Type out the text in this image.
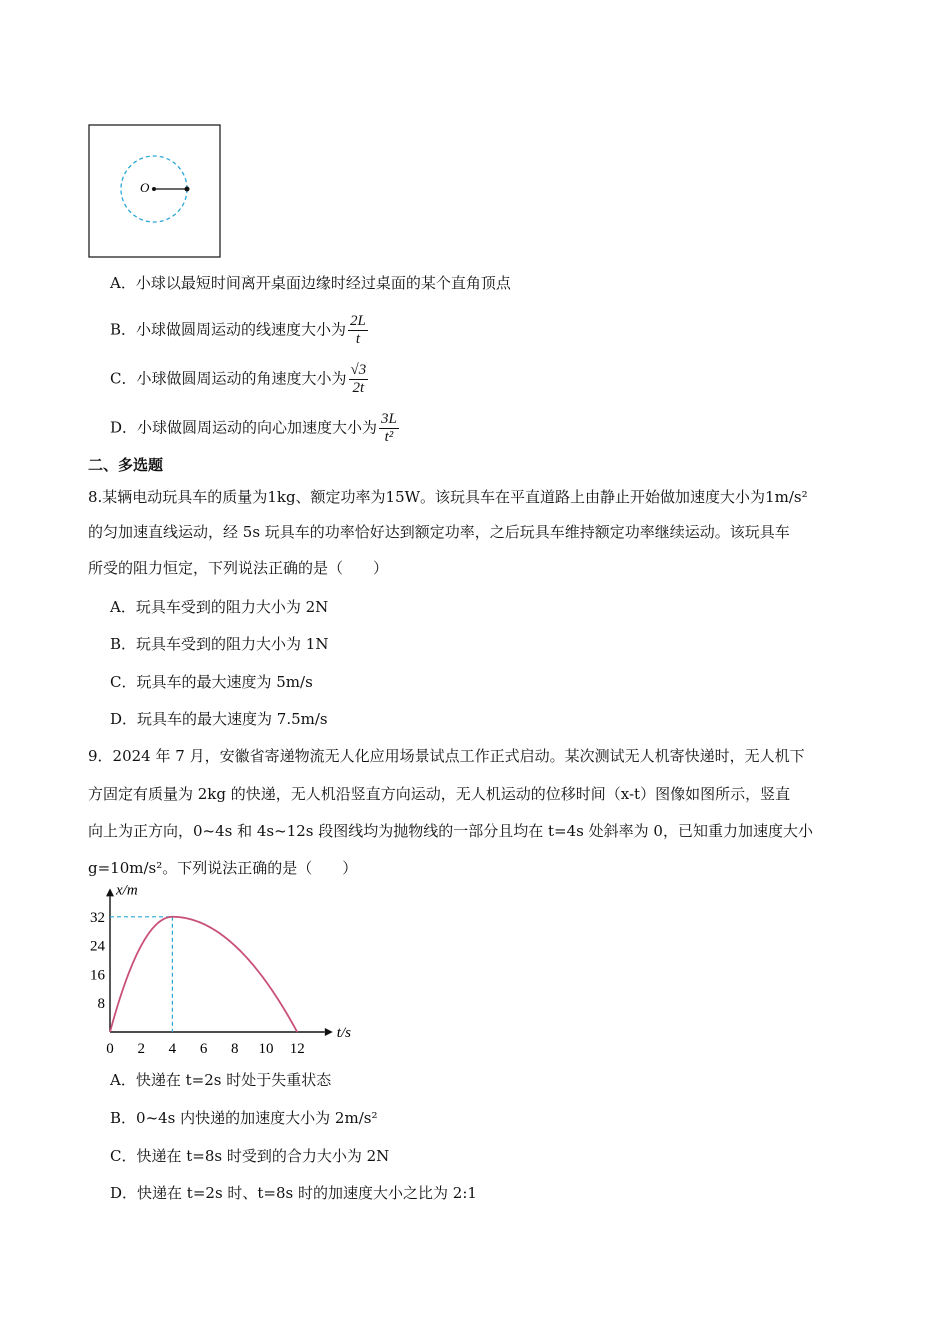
O
A．小球以最短时间离开桌面边缘时经过桌面的某个直角顶点
B．小球做圆周运动的线速度大小为 $\frac{2L}{t}$
C．小球做圆周运动的角速度大小为 $\frac{√3}{2t}$
D．小球做圆周运动的向心加速度大小为 $\frac{3L}{\text{t²}}$
二、多选题
8.某辆电动玩具车的质量为1kg、额定功率为15W。该玩具车在平直道路上由静止开始做加速度大小为1m/s²
的匀加速直线运动，经 5s 玩具车的功率恰好达到额定功率，之后玩具车维持额定功率继续运动。该玩具车
所受的阻力恒定，下列说法正确的是（　　）
A．玩具车受到的阻力大小为 2N
B．玩具车受到的阻力大小为 1N
C．玩具车的最大速度为 5m/s
D．玩具车的最大速度为 7.5m/s
9．2024 年 7 月，安徽省寄递物流无人化应用场景试点工作正式启动。某次测试无人机寄快递时，无人机下
方固定有质量为 2kg 的快递，无人机沿竖直方向运动，无人机运动的位移时间（x-t）图像如图所示，竖直
向上为正方向，0~4s 和 4s~12s 段图线均为抛物线的一部分且均在 t=4s 处斜率为 0，已知重力加速度大小
g=10m/s²。下列说法正确的是（　　）
x/m
t/s
0 2 4 6 8 10 12
8
16
24
32
A．快递在 t=2s 时处于失重状态
B．0~4s 内快递的加速度大小为 2m/s²
C．快递在 t=8s 时受到的合力大小为 2N
D．快递在 t=2s 时、t=8s 时的加速度大小之比为 2:1
